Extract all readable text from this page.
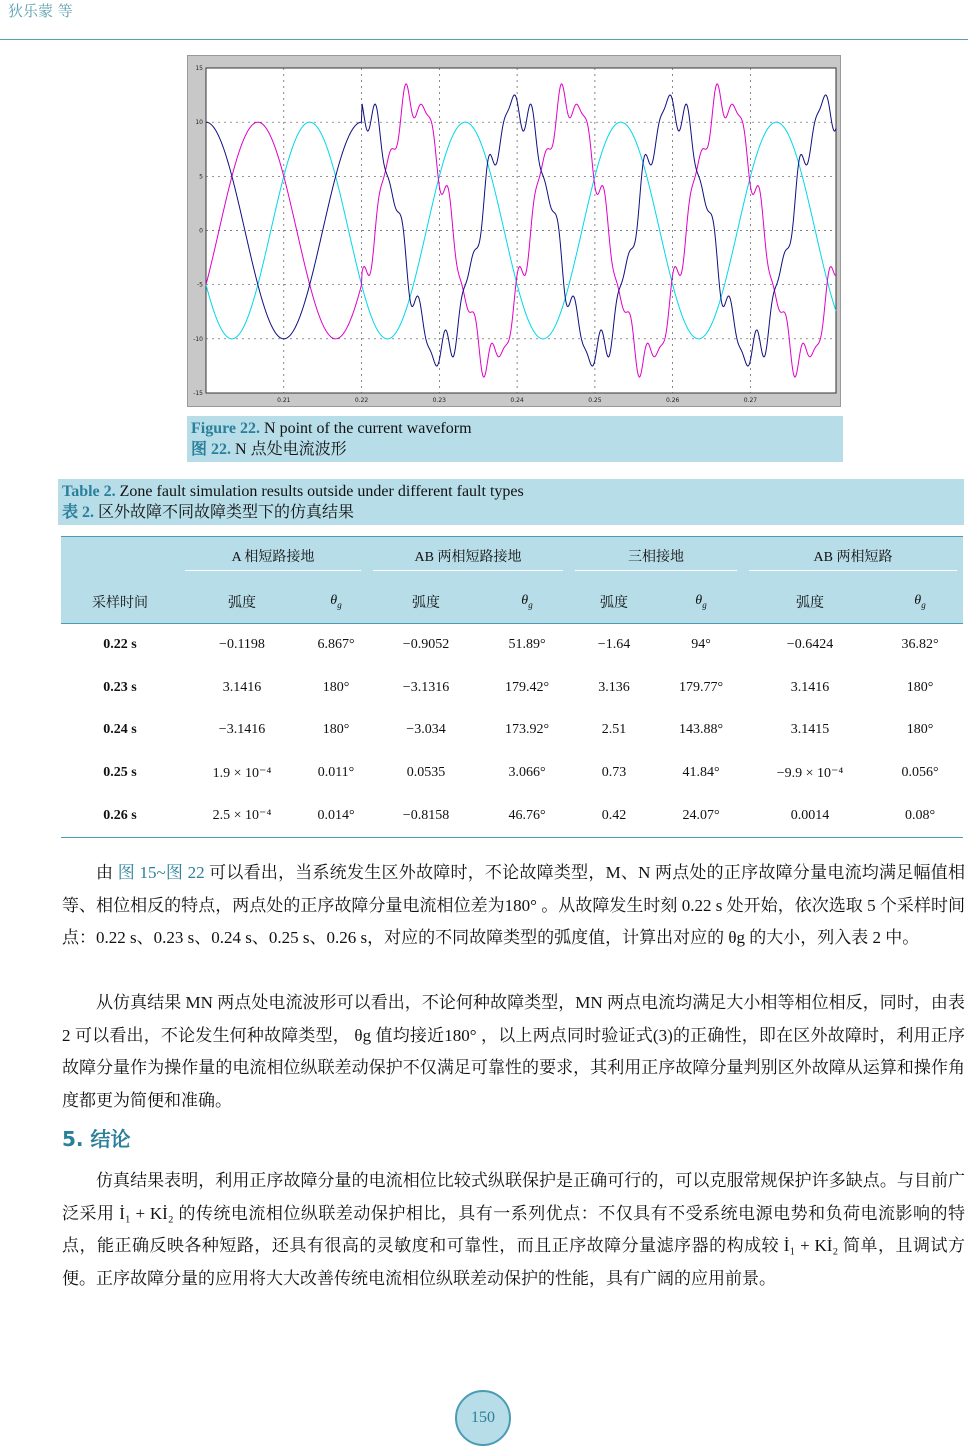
狄乐蒙 等
15
10
5
0
-5
-10
-15
0.21	0.22	0.23	0.24	0.25	0.26	0.27
Figure 22. N point of the current waveform
图 22. N 点处电流波形
Table 2. Zone fault simulation results outside under different fault types
表 2. 区外故障不同故障类型下的仿真结果

	A 相短路接地		AB 两相短路接地		三相接地		AB 两相短路	

采样时间	弧度	$\theta_g$	弧度	$\theta_g$	弧度	$\theta_g$	弧度	$\theta_g$
0.22 s	−0.1198	6.867°	−0.9052	51.89°	−1.64	94°	−0.6424	36.82°
0.23 s	3.1416	180°	−3.1316	179.42°	3.136	179.77°	3.1416	180°
0.24 s	−3.1416	180°	−3.034	173.92°	2.51	143.88°	3.1415	180°
0.25 s	1.9 × 10⁻⁴	0.011°	0.0535	3.066°	0.73	41.84°	−9.9 × 10⁻⁴	0.056°
0.26 s	2.5 × 10⁻⁴	0.014°	−0.8158	46.76°	0.42	24.07°	0.0014	0.08°
由 图 15~图 22 可以看出，当系统发生区外故障时，不论故障类型，M、N 两点处的正序故障分量电流均满足幅值相等、相位相反的特点，两点处的正序故障分量电流相位差为180° 。从故障发生时刻 0.22 s 处开始，依次选取 5 个采样时间点：0.22 s、0.23 s、0.24 s、0.25 s、0.26 s，对应的不同故障类型的弧度值，计算出对应的 θg 的大小，列入表 2 中。
从仿真结果 MN 两点处电流波形可以看出，不论何种故障类型，MN 两点电流均满足大小相等相位相反，同时，由表 2 可以看出，不论发生何种故障类型， θg 值均接近180° ，以上两点同时验证式(3)的正确性，即在区外故障时，利用正序故障分量作为操作量的电流相位纵联差动保护不仅满足可靠性的要求，其利用正序故障分量判别区外故障从运算和操作角度都更为简便和准确。
5. 结论
仿真结果表明，利用正序故障分量的电流相位比较式纵联保护是正确可行的，可以克服常规保护许多缺点。与目前广泛采用 İ₁ + Kİ₂ 的传统电流相位纵联差动保护相比，具有一系列优点：不仅具有不受系统电源电势和负荷电流影响的特点，能正确反映各种短路，还具有很高的灵敏度和可靠性，而且正序故障分量滤序器的构成较 İ₁ + Kİ₂ 简单，且调试方便。正序故障分量的应用将大大改善传统电流相位纵联差动保护的性能，具有广阔的应用前景。
150
